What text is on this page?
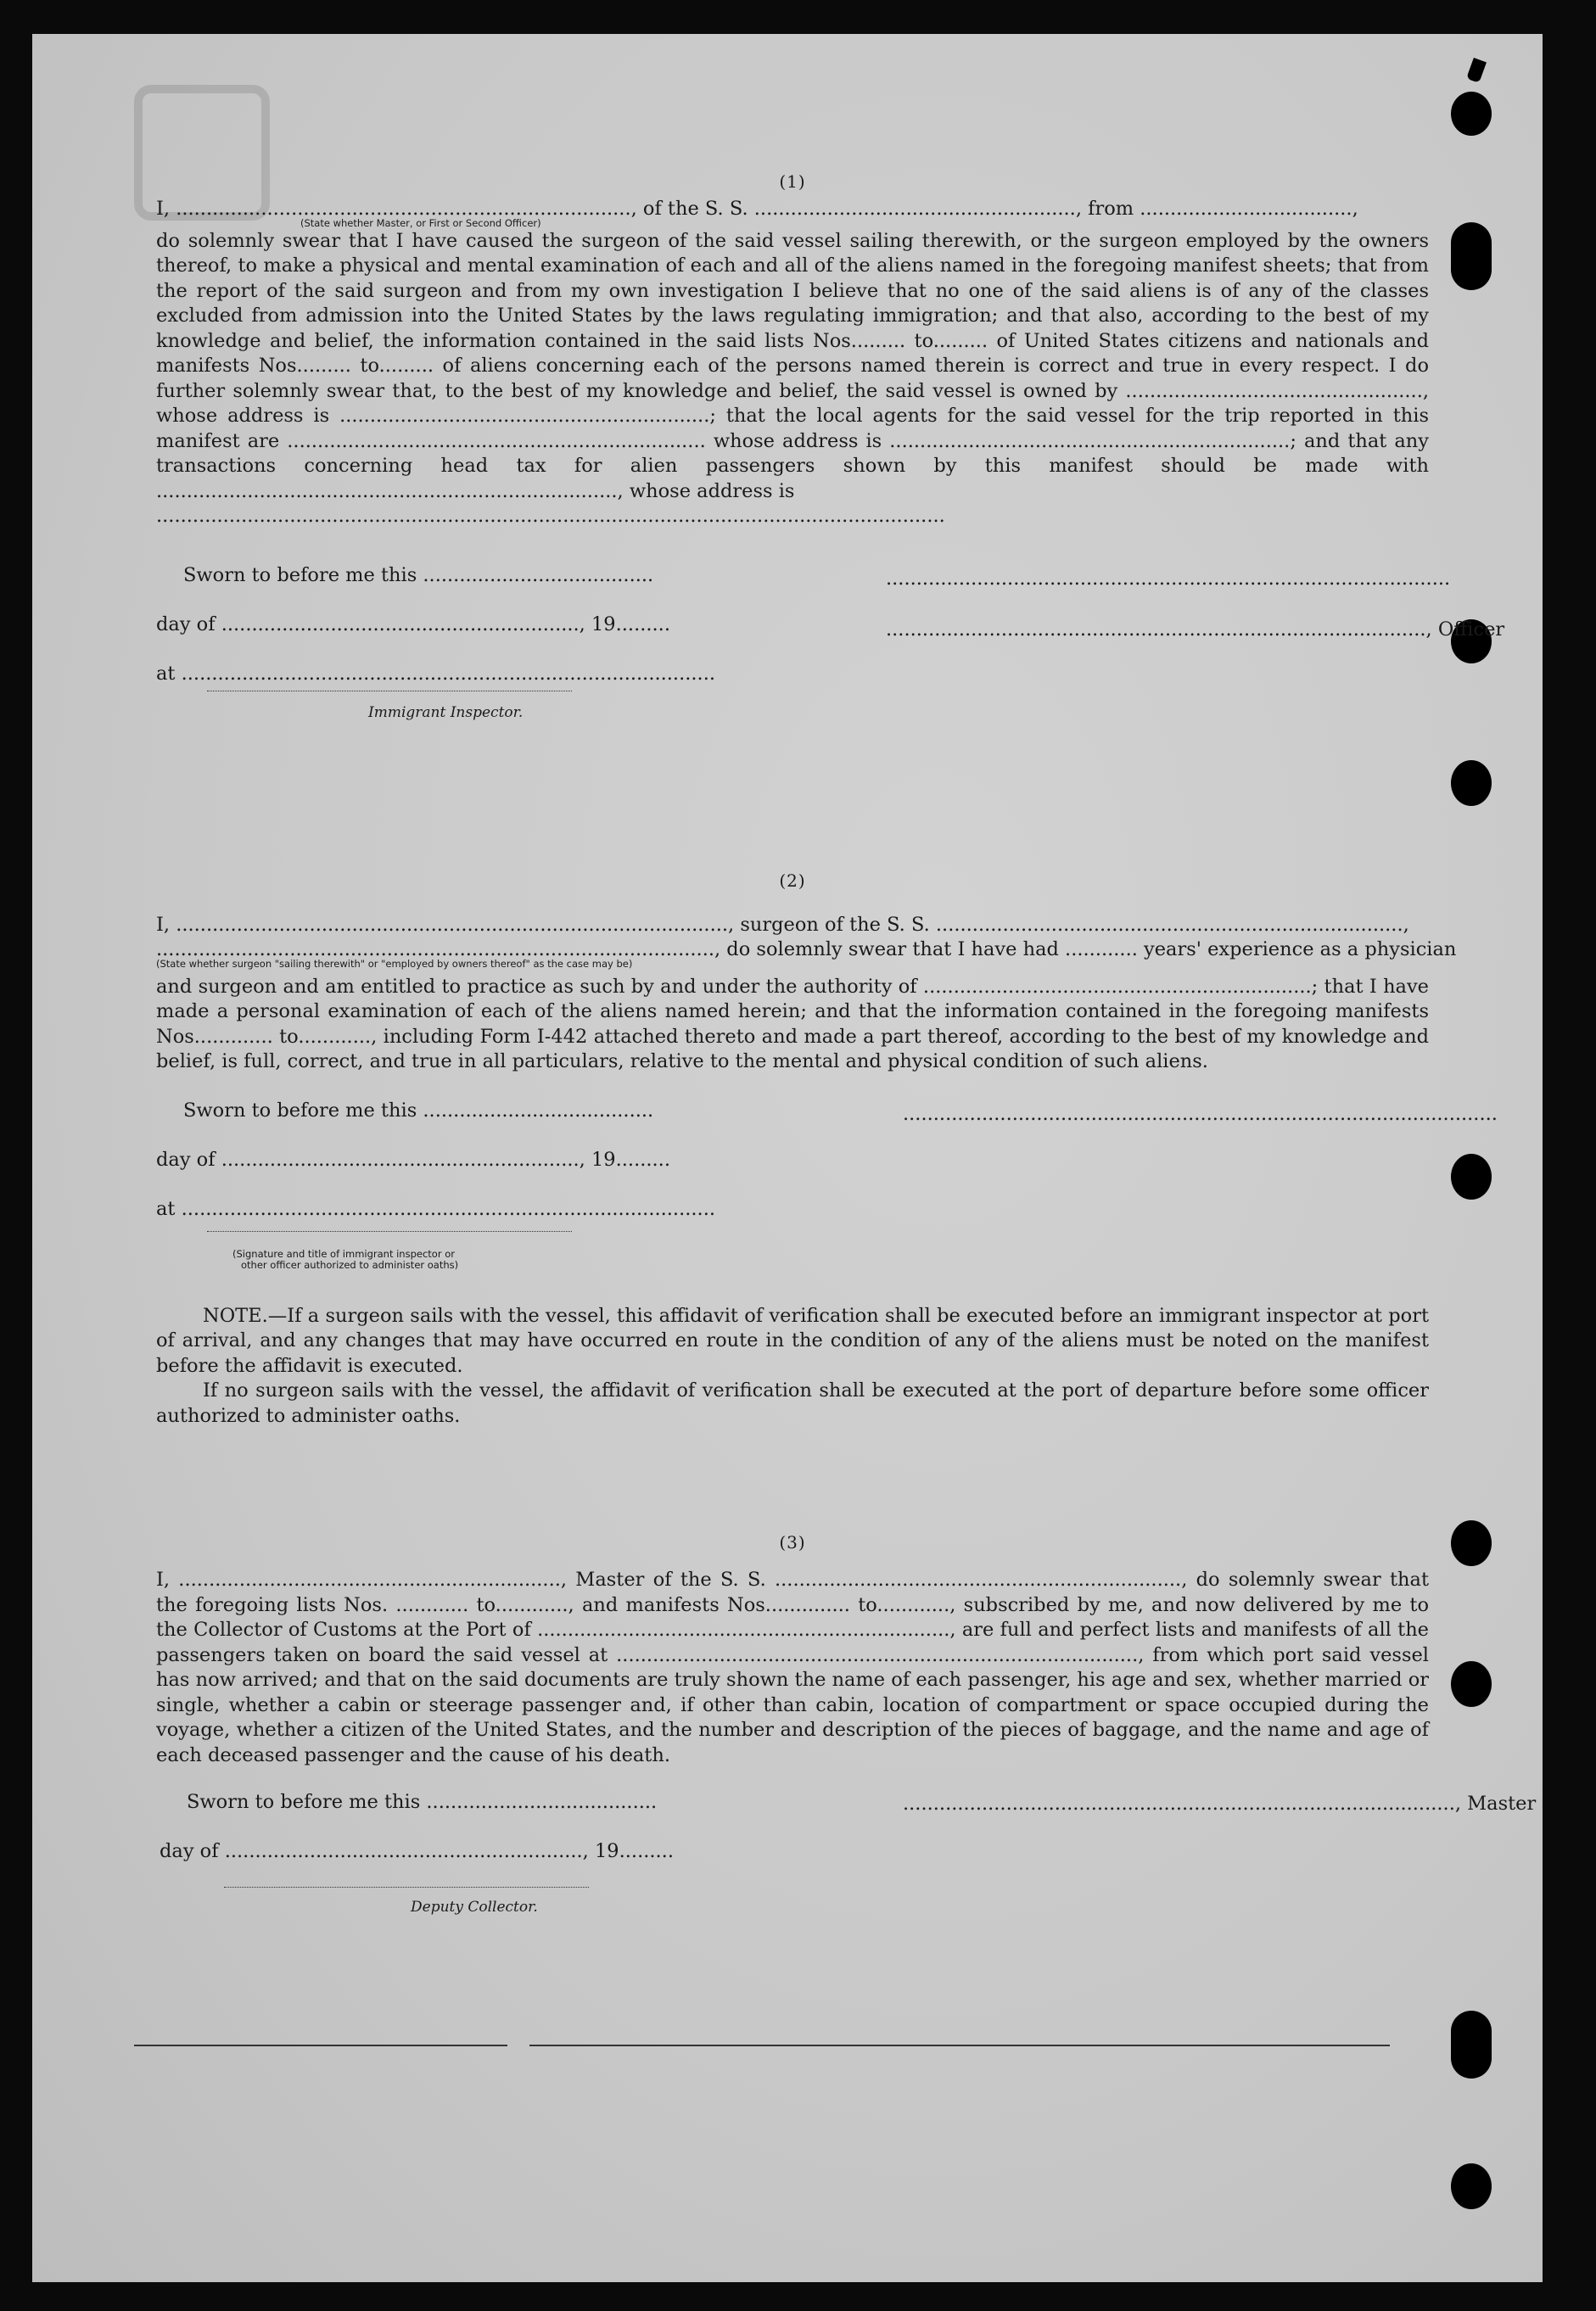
(1)

I, ..........................................................................., of the S. S. ....................................................., from ...................................,
(State whether Master, or First or Second Officer)

do solemnly swear that I have caused the surgeon of the said vessel sailing therewith, or the surgeon employed by the owners thereof, to make a physical and mental examination of each and all of the aliens named in the foregoing manifest sheets; that from the report of the said surgeon and from my own investigation I believe that no one of the said aliens is of any of the classes excluded from admission into the United States by the laws regulating immigration; and that also, according to the best of my knowledge and belief, the information contained in the said lists Nos......... to......... of United States citizens and nationals and manifests Nos......... to......... of aliens concerning each of the persons named therein is correct and true in every respect. I do further solemnly swear that, to the best of my knowledge and belief, the said vessel is owned by ................................................., whose address is .............................................................; that the local agents for the said vessel for the trip reported in this manifest are ..................................................................... whose address is ..................................................................; and that any transactions concerning head tax for alien passengers shown by this manifest should be made with ............................................................................, whose address is

..................................................................................................................................
Sworn to before me this ......................................
day of ..........................................................., 19.........
at ........................................................................................
Immigrant Inspector.
.............................................................................................
........................................................................................., Officer

(2)

I, ..........................................................................................., surgeon of the S. S. .............................................................................,
............................................................................................, do solemnly swear that I have had ............ years' experience as a physician
(State whether surgeon "sailing therewith" or "employed by owners thereof" as the case may be)

and surgeon and am entitled to practice as such by and under the authority of ................................................................; that I have made a personal examination of each of the aliens named herein; and that the information contained in the foregoing manifests Nos............. to............, including Form I-442 attached thereto and made a part thereof, according to the best of my knowledge and belief, is full, correct, and true in all particulars, relative to the mental and physical condition of such aliens.

Sworn to before me this ......................................	..................................................................................................
day of ..........................................................., 19.........
at ........................................................................................
(Signature and title of immigrant inspector or
other officer authorized to administer oaths)

NOTE.—If a surgeon sails with the vessel, this affidavit of verification shall be executed before an immigrant inspector at port of arrival, and any changes that may have occurred en route in the condition of any of the aliens must be noted on the manifest before the affidavit is executed.

If no surgeon sails with the vessel, the affidavit of verification shall be executed at the port of departure before some officer authorized to administer oaths.

(3)

I, ..............................................................., Master of the S. S. ..................................................................., do solemnly swear that the foregoing lists Nos. ............ to............, and manifests Nos.............. to............, subscribed by me, and now delivered by me to the Collector of Customs at the Port of ...................................................................., are full and perfect lists and manifests of all the passengers taken on board the said vessel at ......................................................................................, from which port said vessel has now arrived; and that on the said documents are truly shown the name of each passenger, his age and sex, whether married or single, whether a cabin or steerage passenger and, if other than cabin, location of compartment or space occupied during the voyage, whether a citizen of the United States, and the number and description of the pieces of baggage, and the name and age of each deceased passenger and the cause of his death.

Sworn to before me this ......................................	..........................................................................................., Master
day of ..........................................................., 19.........
Deputy Collector.
